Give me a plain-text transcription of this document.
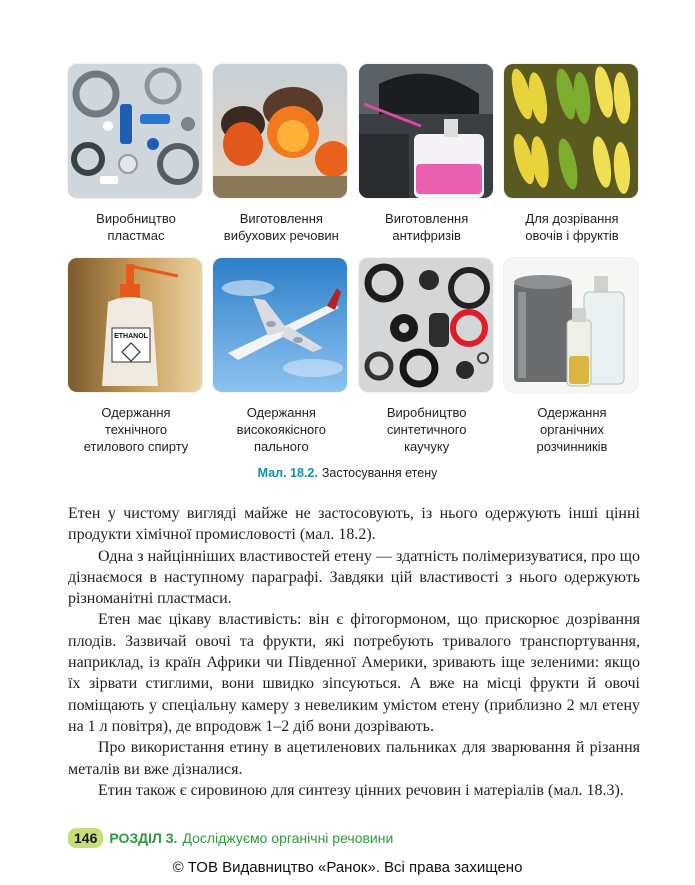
Виробництво
пластмас
Виготовлення
вибухових речовин
Виготовлення
антифризів
Для дозрівання
овочів і фруктів
ETHANOL
Одержання
технічного
етилового спирту
Одержання
високоякісного
пального
Виробництво
синтетичного
каучуку
Одержання
органічних
розчинників
Мал. 18.2. Застосування етену

Етен у чистому вигляді майже не застосовують, із нього одержують інші цінні продукти хімічної промисловості (мал. 18.2).

Одна з найцінніших властивостей етену — здатність полімеризуватися, про що дізнаємося в наступному параграфі. Завдяки цій властивості з нього одержують різноманітні пластмаси.

Етен має цікаву властивість: він є фітогормоном, що прискорює дозрівання плодів. Зазвичай овочі та фрукти, які потребують тривалого транспортування, наприклад, із країн Африки чи Південної Америки, зривають іще зеленими: якщо їх зірвати стиглими, вони швидко зіпсуються. А вже на місці фрукти й овочі поміщають у спеціальну камеру з невеликим умістом етену (приблизно 2 мл етену на 1 л повітря), де впродовж 1–2 діб вони дозрівають.

Про використання етину в ацетиленових пальниках для зварювання й різання металів ви вже дізналися.

Етин також є сировиною для синтезу цінних речовин і матеріалів (мал. 18.3).

146 РОЗДІЛ 3. Досліджуємо органічні речовини
© ТОВ Видавництво «Ранок». Всі права захищено
